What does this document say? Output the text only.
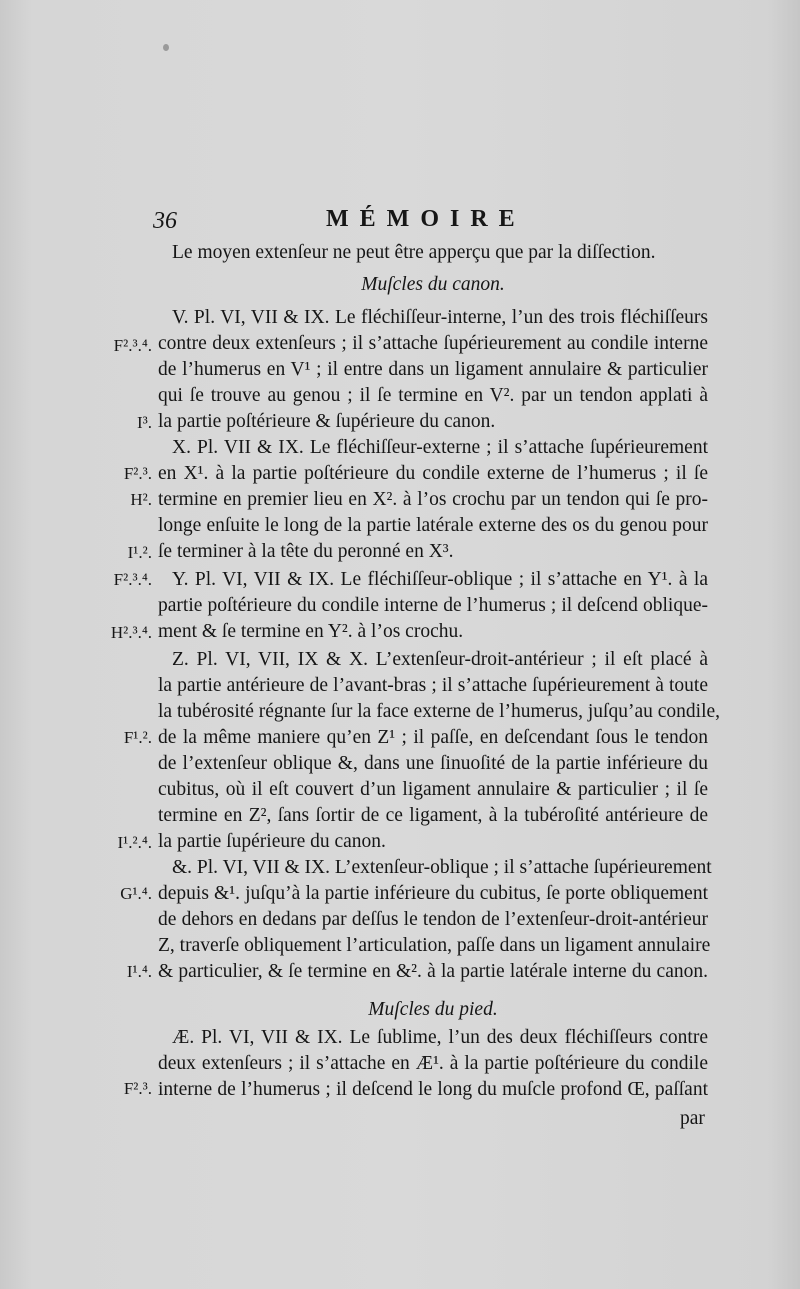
36	MÉMOIRE
Le moyen extenſeur ne peut être apperçu que par la diſſection.
Muſcles du canon.
V. Pl. VI, VII & IX. Le fléchiſſeur-interne, l’un des trois fléchiſſeurs
contre deux extenſeurs ; il s’attache ſupérieurement au condile interne
de l’humerus en V¹ ; il entre dans un ligament annulaire & particulier
qui ſe trouve au genou ; il ſe termine en V². par un tendon applati à
la partie poſtérieure & ſupérieure du canon.
X. Pl. VII & IX. Le fléchiſſeur-externe ; il s’attache ſupérieurement
en X¹. à la partie poſtérieure du condile externe de l’humerus ; il ſe
termine en premier lieu en X². à l’os crochu par un tendon qui ſe pro-
longe enſuite le long de la partie latérale externe des os du genou pour
ſe terminer à la tête du peronné en X³.
Y. Pl. VI, VII & IX. Le fléchiſſeur-oblique ; il s’attache en Y¹. à la
partie poſtérieure du condile interne de l’humerus ; il deſcend oblique-
ment & ſe termine en Y². à l’os crochu.
Z. Pl. VI, VII, IX & X. L’extenſeur-droit-antérieur ; il eſt placé à
la partie antérieure de l’avant-bras ; il s’attache ſupérieurement à toute
la tubérosité régnante ſur la face externe de l’humerus, juſqu’au condile,
de la même maniere qu’en Z¹ ; il paſſe, en deſcendant ſous le tendon
de l’extenſeur oblique &, dans une ſinuoſité de la partie inférieure du
cubitus, où il eſt couvert d’un ligament annulaire & particulier ; il ſe
termine en Z², ſans ſortir de ce ligament, à la tubéroſité antérieure de
la partie ſupérieure du canon.
&. Pl. VI, VII & IX. L’extenſeur-oblique ; il s’attache ſupérieurement
depuis &¹. juſqu’à la partie inférieure du cubitus, ſe porte obliquement
de dehors en dedans par deſſus le tendon de l’extenſeur-droit-antérieur
Z, traverſe obliquement l’articulation, paſſe dans un ligament annulaire
& particulier, & ſe termine en &². à la partie latérale interne du canon.
Muſcles du pied.
Æ. Pl. VI, VII & IX. Le ſublime, l’un des deux fléchiſſeurs contre
deux extenſeurs ; il s’attache en Æ¹. à la partie poſtérieure du condile
interne de l’humerus ; il deſcend le long du muſcle profond Œ, paſſant
par
F².³.⁴.
I³.
F².³.
H².
I¹.².
F².³.⁴.
H².³.⁴.
F¹.².
I¹.².⁴.
G¹.⁴.
I¹.⁴.
F².³.
